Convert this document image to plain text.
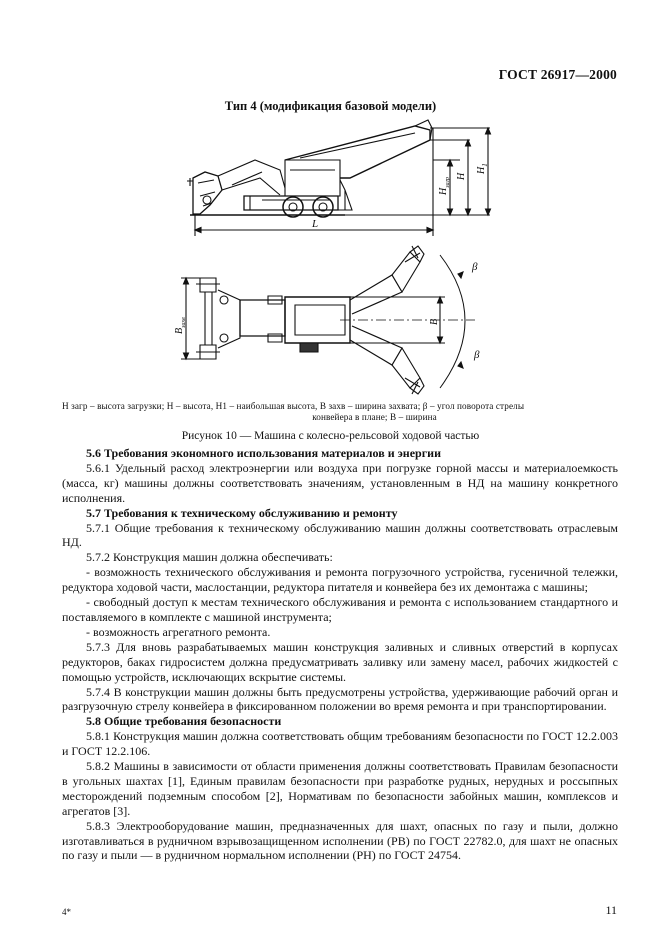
ГОСТ 26917—2000
Тип 4 (модификация базовой модели)
L
$H_{загр}$
H
$H_1$
β
β
B
$B_{захв}$
H загр – высота загрузки; H – высота, H1 – наибольшая высота, B захв – ширина захвата; β – угол поворота стрелы
конвейера в плане; B – ширина
Рисунок 10 — Машина с колесно-рельсовой ходовой частью

5.6 Требования экономного использования материалов и энергии

5.6.1 Удельный расход электроэнергии или воздуха при погрузке горной массы и материалоемкость (масса, кг) машины должны соответствовать значениям, установленным в НД на машину конкретного исполнения.

5.7 Требования к техническому обслуживанию и ремонту

5.7.1 Общие требования к техническому обслуживанию машин должны соответствовать отраслевым НД.

5.7.2 Конструкция машин должна обеспечивать:

- возможность технического обслуживания и ремонта погрузочного устройства, гусеничной тележки, редуктора ходовой части, маслостанции, редуктора питателя и конвейера без их демонтажа с машины;

- свободный доступ к местам технического обслуживания и ремонта с использованием стандартного и поставляемого в комплекте с машиной инструмента;

- возможность агрегатного ремонта.

5.7.3 Для вновь разрабатываемых машин конструкция заливных и сливных отверстий в корпусах редукторов, баках гидросистем должна предусматривать заливку или замену масел, рабочих жидкостей с помощью устройств, исключающих вскрытие системы.

5.7.4 В конструкции машин должны быть предусмотрены устройства, удерживающие рабочий орган и разгрузочную стрелу конвейера в фиксированном положении во время ремонта и при транспортировании.

5.8 Общие требования безопасности

5.8.1 Конструкция машин должна соответствовать общим требованиям безопасности по ГОСТ 12.2.003 и ГОСТ 12.2.106.

5.8.2 Машины в зависимости от области применения должны соответствовать Правилам безопасности в угольных шахтах [1], Единым правилам безопасности при разработке рудных, нерудных и россыпных месторождений подземным способом [2], Нормативам по безопасности забойных машин, комплексов и агрегатов [3].

5.8.3 Электрооборудование машин, предназначенных для шахт, опасных по газу и пыли, должно изготавливаться в рудничном взрывозащищенном исполнении (РВ) по ГОСТ 22782.0, для шахт не опасных по газу и пыли — в рудничном нормальном исполнении (РН) по ГОСТ 24754.

4*	11
